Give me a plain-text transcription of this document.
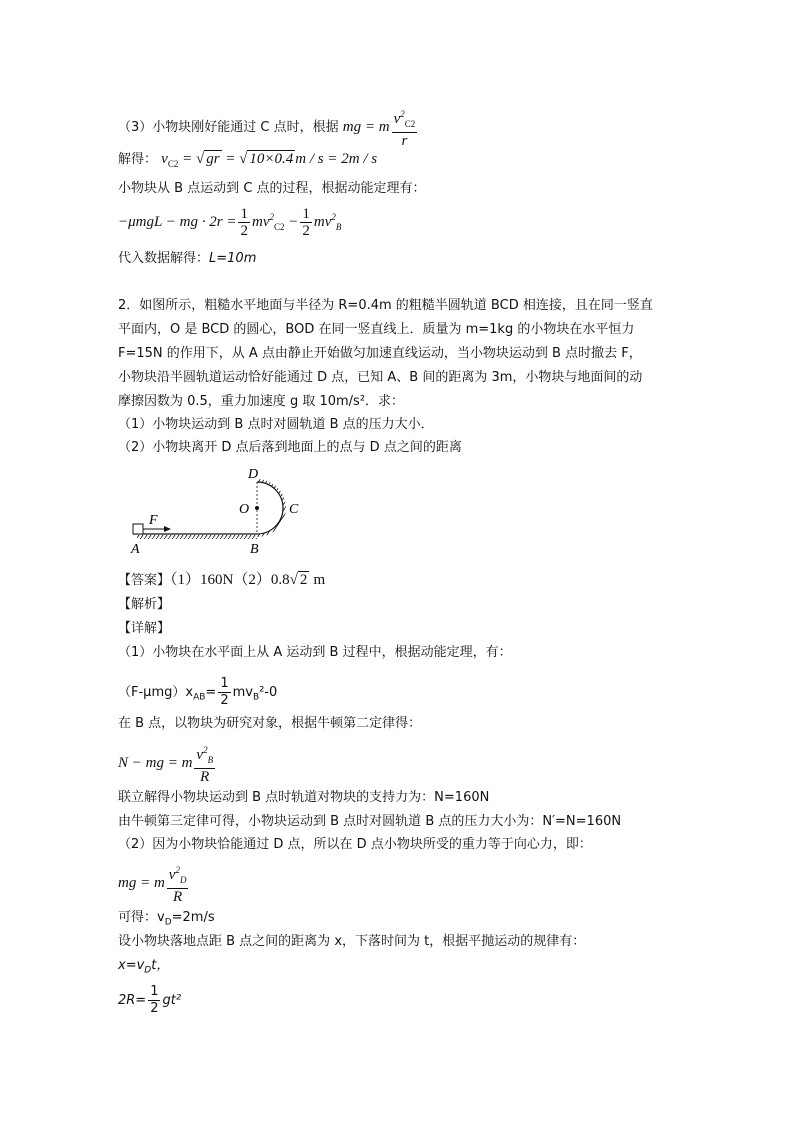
（3）小物块刚好能通过 C 点时，根据 mg = m $\frac{v^2_{C2}}{r}$
解得： $v_{C2}$ = √ gr = √ 10×0.4 m / s = 2m / s
小物块从 B 点运动到 C 点的过程，根据动能定理有：
−μmgL − mg · $2r = \frac{1}{2} mv^2_{C2} - \frac{1}{2} mv^2_B$
代入数据解得：L=10m
2．如图所示，粗糙水平地面与半径为 R=0.4m 的粗糙半圆轨道 BCD 相连接，且在同一竖直
平面内，O 是 BCD 的圆心，BOD 在同一竖直线上．质量为 m=1kg 的小物块在水平恒力
F=15N 的作用下，从 A 点由静止开始做匀加速直线运动，当小物块运动到 B 点时撤去 F，
小物块沿半圆轨道运动恰好能通过 D 点，已知 A、B 间的距离为 3m，小物块与地面间的动
摩擦因数为 0.5，重力加速度 g 取 10m/s²．求：
（1）小物块运动到 B 点时对圆轨道 B 点的压力大小．
（2）小物块离开 D 点后落到地面上的点与 D 点之间的距离
D
O	C
F
A	B
【答案】（1）160N（2）0.8√ 2 m
【解析】
【详解】
（1）小物块在水平面上从 A 运动到 B 过程中，根据动能定理，有：
$(F-\mu mg)x_{AB}= \frac{1}{2} mv_B^2-0$
在 B 点，以物块为研究对象，根据牛顿第二定律得：
N − mg = m $\frac{v^2_B}{R}$
联立解得小物块运动到 B 点时轨道对物块的支持力为：N=160N
由牛顿第三定律可得，小物块运动到 B 点时对圆轨道 B 点的压力大小为：N′=N=160N
（2）因为小物块恰能通过 D 点，所以在 D 点小物块所受的重力等于向心力，即：
mg = m $\frac{v^2_D}{R}$
可得：$v_D=2m/s$
设小物块落地点距 B 点之间的距离为 x，下落时间为 t，根据平抛运动的规律有：
$x=v_Dt$，
$2R= \frac{1}{2} gt^2$
